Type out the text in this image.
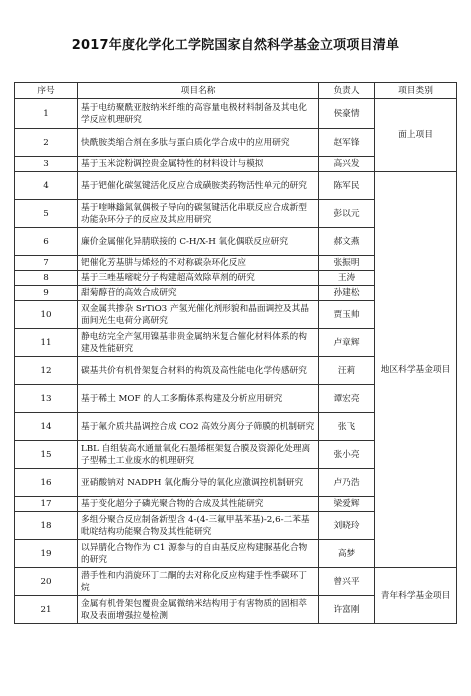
2017年度化学化工学院国家自然科学基金立项项目清单
序号	项目名称	负责人	项目类别
1	基于电纺聚酰亚胺纳米纤维的高容量电极材料制备及其电化学反应机理研究	侯豪情	面上项目
2	快酰胺类缩合剂在多肽与蛋白质化学合成中的应用研究	赵军锋	
3	基于玉米淀粉调控贵金属特性的材料设计与模拟	高兴发	
4	基于钯催化碳氢键活化反应合成磺胺类药物活性单元的研究	陈军民	地区科学基金项目
5	基于喹啉鎓氮氧偶极子导向的碳氢键活化串联反应合成新型功能杂环分子的反应及其应用研究	彭以元	
6	廉价金属催化异腈联接的 C-H/X-H 氧化偶联反应研究	郝文燕	
7	钯催化芳基肼与烯烃的不对称碳杂环化反应	张振明	
8	基于三唑基嘧啶分子构建超高效除草剂的研究	王涛	
9	甜菊醇苷的高效合成研究	孙建松	
10	双金属共掺杂 SrTiO3 产氢光催化剂形貌和晶面调控及其晶面间光生电荷分离研究	贾玉帅	
11	静电纺完全产氢用镍基非贵金属纳米复合催化材料体系的构建及性能研究	卢章辉	
12	碳基共价有机骨架复合材料的构筑及高性能电化学传感研究	汪莉	
13	基于稀土 MOF 的人工多酶体系构建及分析应用研究	谭宏亮	
14	基于氟介质共晶调控合成 CO2 高效分离分子筛膜的机制研究	张飞	
15	LBL 自组装高水通量氧化石墨烯框架复合膜及资源化处理离子型稀土工业废水的机理研究	张小亮	
16	亚硝酸钠对 NADPH 氧化酶分导的氧化应激调控机制研究	卢乃浩	
17	基于变化超分子磷光聚合物的合成及其性能研究	梁爱辉	
18	多组分聚合反应制备新型含 4-(4-三氟甲基苯基)-2,6-二苯基吡啶结构功能聚合物及其性能研究	刘晓玲	
19	以异腈化合物作为 C1 源参与的自由基反应构建脲基化合物的研究	高梦	
20	潜手性和内消旋环丁二酮的去对称化反应构建手性季碳环丁烷	曾兴平	青年科学基金项目
21	金属有机骨架包覆贵金属微纳米结构用于有害物质的固相萃取及表面增强拉曼检测	许富刚	
